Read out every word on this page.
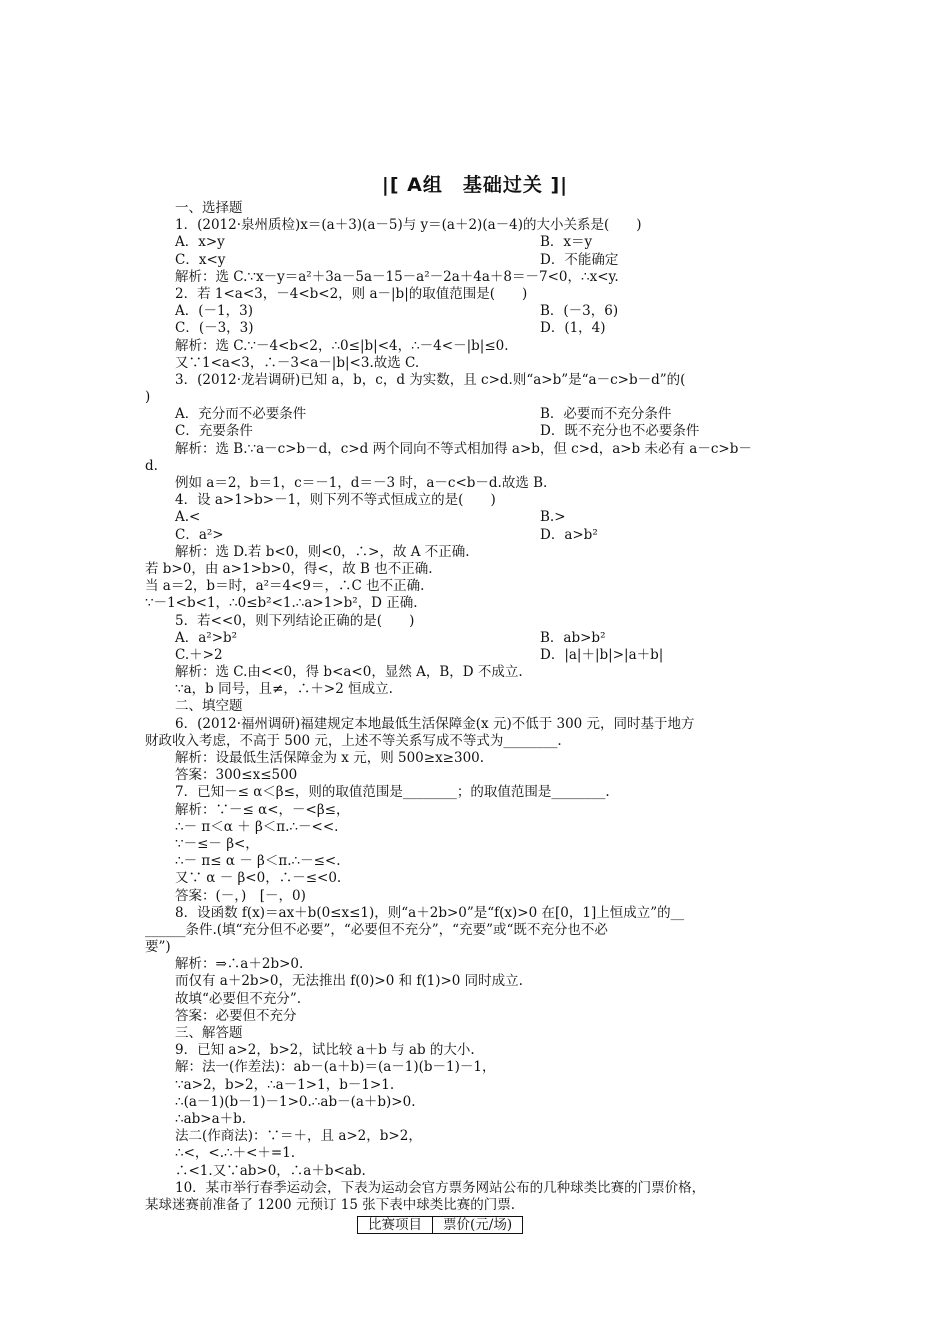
|[ A组　基础过关 ]|
一、选择题
1．(2012·泉州质检)x＝(a＋3)(a－5)与 y＝(a＋2)(a－4)的大小关系是(　　)
A．x>y	B．x＝y
C．x<y	D．不能确定
解析：选 C.∵x－y＝a²＋3a－5a－15－a²－2a＋4a＋8＝－7<0，∴x<y.
2．若 1<a<3，－4<b<2，则 a－|b|的取值范围是(　　)
A．(－1，3)	B．(－3，6)
C．(－3，3)	D．(1，4)
解析：选 C.∵－4<b<2，∴0≤|b|<4，∴－4<－|b|≤0.
又∵1<a<3，∴－3<a－|b|<3.故选 C.
3．(2012·龙岩调研)已知 a，b，c，d 为实数，且 c>d.则“a>b”是“a－c>b－d”的(
)
A．充分而不必要条件	B．必要而不充分条件
C．充要条件	D．既不充分也不必要条件
解析：选 B.∵a－c>b－d，c>d 两个同向不等式相加得 a>b，但 c>d，a>b 未必有 a－c>b－
d.
例如 a＝2，b＝1，c＝－1，d＝－3 时，a－c<b－d.故选 B.
4．设 a>1>b>－1，则下列不等式恒成立的是(　　)
A.<	B.>
C．a²>	D．a>b²
解析：选 D.若 b<0，则<0，∴>，故 A 不正确.
若 b>0，由 a>1>b>0，得<，故 B 也不正确.
当 a＝2，b＝时，a²＝4<9＝，∴C 也不正确.
∵－1<b<1，∴0≤b²<1.∴a>1>b²，D 正确.
5．若<<0，则下列结论正确的是(　　)
A．a²>b²	B．ab>b²
C.＋>2	D．|a|＋|b|>|a＋b|
解析：选 C.由<<0，得 b<a<0，显然 A，B，D 不成立.
∵a，b 同号，且≠，∴＋>2 恒成立.
二、填空题
6．(2012·福州调研)福建规定本地最低生活保障金(x 元)不低于 300 元，同时基于地方
财政收入考虑，不高于 500 元，上述不等关系写成不等式为________.
解析：设最低生活保障金为 x 元，则 500≥x≥300.
答案：300≤x≤500
7．已知－≤ α＜β≤，则的取值范围是________；的取值范围是________.
解析：∵－≤ α<，－<β≤，
∴－ π＜α ＋ β＜π.∴－<<.
∵－≤－ β<，
∴－ π≤ α － β＜π.∴－≤<.
又∵ α － β<0，∴－≤<0.
答案：(－，)　[－，0)
8．设函数 f(x)＝ax＋b(0≤x≤1)，则“a＋2b>0”是“f(x)>0 在[0，1]上恒成立”的__
______条件.(填“充分但不必要”，“必要但不充分”，“充要”或“既不充分也不必
要”)
解析：⇒∴a＋2b>0.
而仅有 a＋2b>0，无法推出 f(0)>0 和 f(1)>0 同时成立.
故填“必要但不充分”.
答案：必要但不充分
三、解答题
9．已知 a>2，b>2，试比较 a＋b 与 ab 的大小.
解：法一(作差法)：ab－(a＋b)＝(a－1)(b－1)－1，
∵a>2，b>2，∴a－1>1，b－1>1.
∴(a－1)(b－1)－1>0.∴ab－(a＋b)>0.
∴ab>a＋b.
法二(作商法)：∵＝＋，且 a>2，b>2，
∴<，<.∴＋<＋=1.
∴<1.又∵ab>0，∴a＋b<ab.
10．某市举行春季运动会，下表为运动会官方票务网站公布的几种球类比赛的门票价格，
某球迷赛前准备了 1200 元预订 15 张下表中球类比赛的门票.
比赛项目	票价(元/场)
